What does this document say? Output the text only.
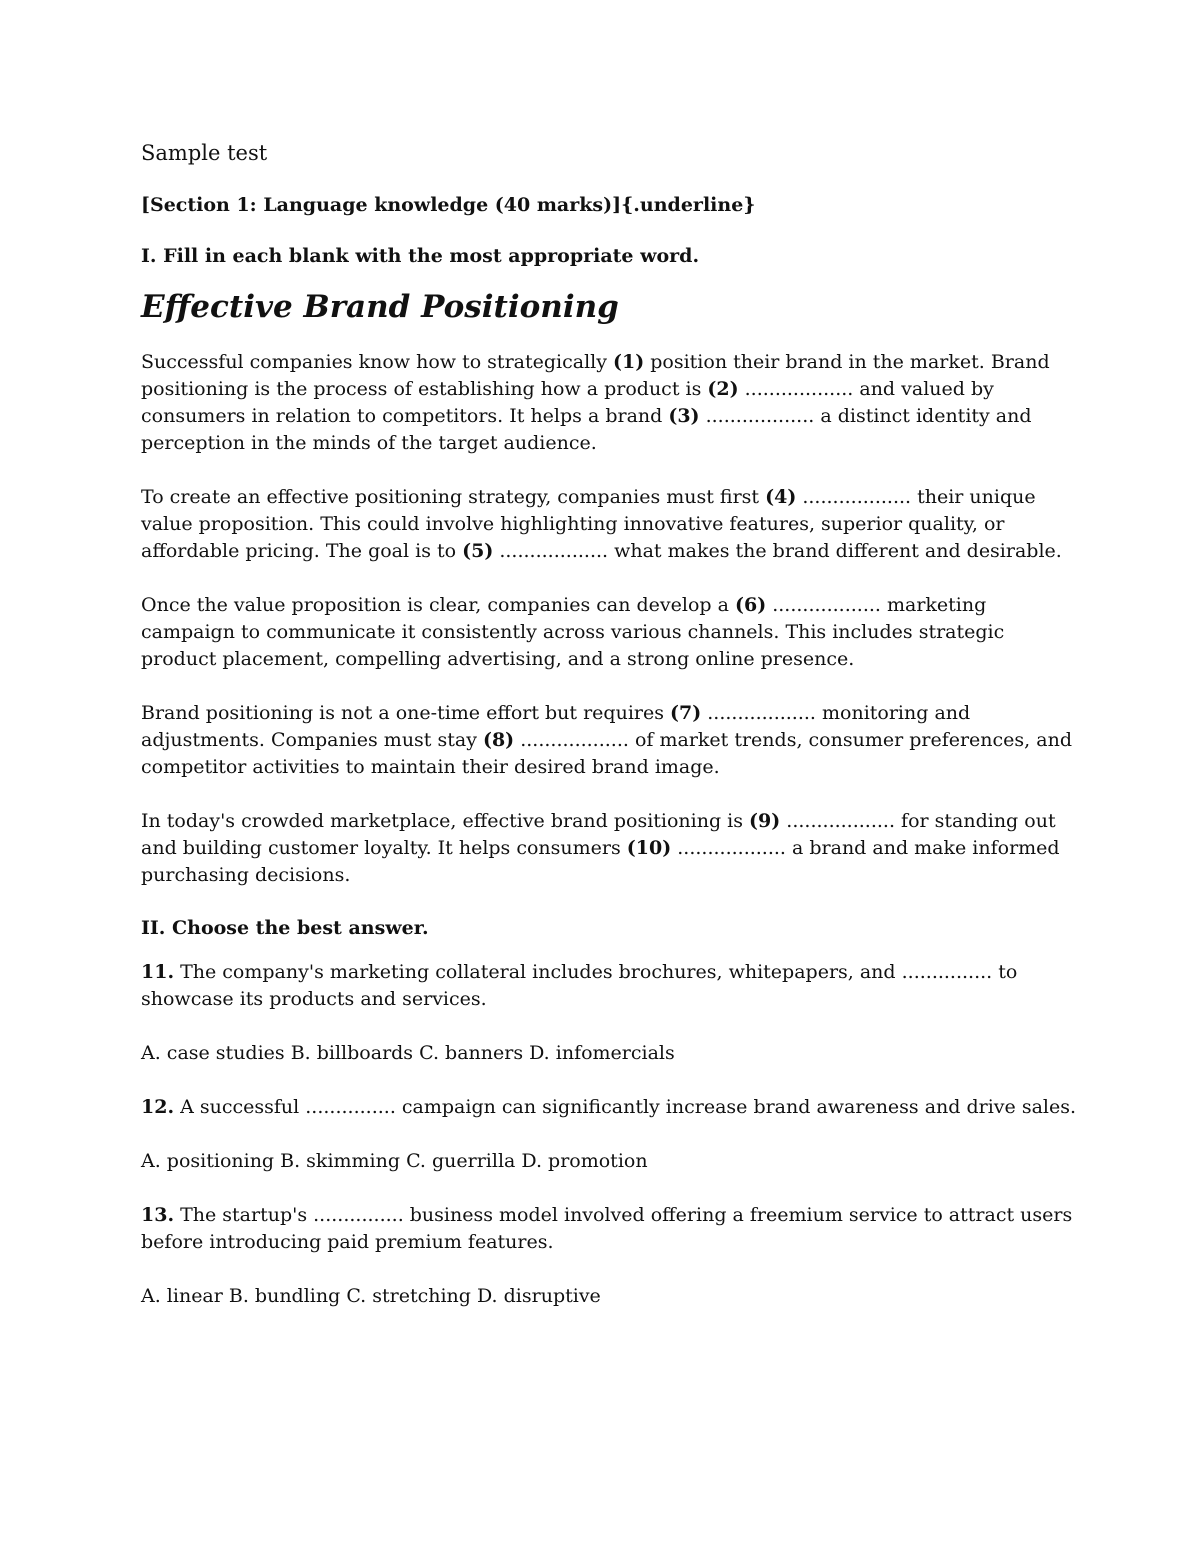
Sample test
[Section 1: Language knowledge (40 marks)]{.underline}
I. Fill in each blank with the most appropriate word.
Effective Brand Positioning

Successful companies know how to strategically (1) position their brand in the market. Brand positioning is the process of establishing how a product is (2) .................. and valued by consumers in relation to competitors. It helps a brand (3) .................. a distinct identity and perception in the minds of the target audience.

To create an effective positioning strategy, companies must first (4) .................. their unique value proposition. This could involve highlighting innovative features, superior quality, or affordable pricing. The goal is to (5) .................. what makes the brand different and desirable.

Once the value proposition is clear, companies can develop a (6) .................. marketing campaign to communicate it consistently across various channels. This includes strategic product placement, compelling advertising, and a strong online presence.

Brand positioning is not a one-time effort but requires (7) .................. monitoring and adjustments. Companies must stay (8) .................. of market trends, consumer preferences, and competitor activities to maintain their desired brand image.

In today's crowded marketplace, effective brand positioning is (9) .................. for standing out and building customer loyalty. It helps consumers (10) .................. a brand and make informed purchasing decisions.

II. Choose the best answer.

11. The company's marketing collateral includes brochures, whitepapers, and ............... to showcase its products and services.

A. case studies B. billboards C. banners D. infomercials

12. A successful ............... campaign can significantly increase brand awareness and drive sales.

A. positioning B. skimming C. guerrilla D. promotion

13. The startup's ............... business model involved offering a freemium service to attract users before introducing paid premium features.

A. linear B. bundling C. stretching D. disruptive
